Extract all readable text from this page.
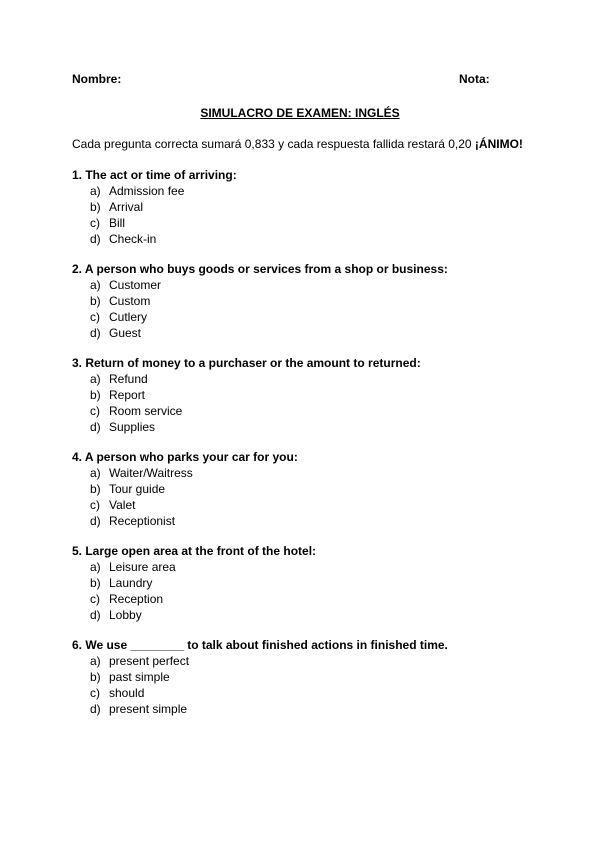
Nombre:	Nota:
SIMULACRO DE EXAMEN: INGLÉS
Cada pregunta correcta sumará 0,833 y cada respuesta fallida restará 0,20 ¡ÁNIMO!
1. The act or time of arriving:
a) Admission fee
b) Arrival
c) Bill
d) Check-in
2. A person who buys goods or services from a shop or business:
a) Customer
b) Custom
c) Cutlery
d) Guest
3. Return of money to a purchaser or the amount to returned:
a) Refund
b) Report
c) Room service
d) Supplies
4. A person who parks your car for you:
a) Waiter/Waitress
b) Tour guide
c) Valet
d) Receptionist
5. Large open area at the front of the hotel:
a) Leisure area
b) Laundry
c) Reception
d) Lobby
6. We use ________ to talk about finished actions in finished time.
a) present perfect
b) past simple
c) should
d) present simple
